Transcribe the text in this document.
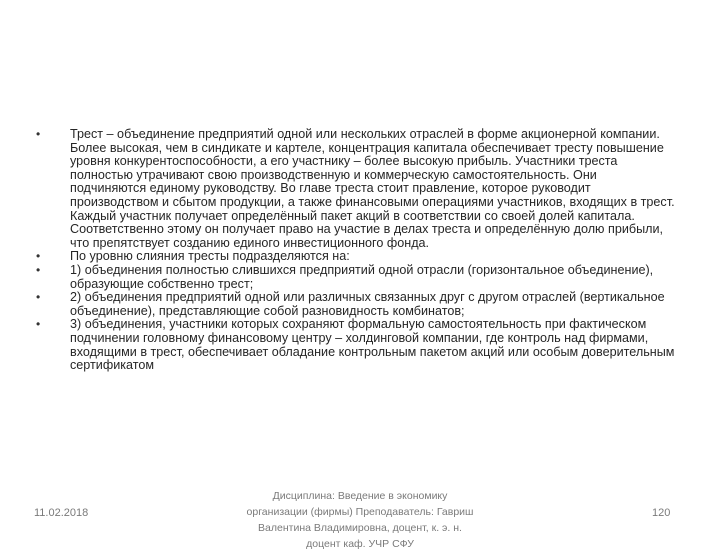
•	Трест – объединение предприятий одной или нескольких отраслей в форме акционерной компании. Более высокая, чем в синдикате и картеле, концентрация капитала обеспечивает тресту повышение уровня конкурентоспособности, а его участнику – более высокую прибыль. Участники треста полностью утрачивают свою производственную и коммерческую самостоятельность. Они подчиняются единому руководству. Во главе треста стоит правление, которое руководит производством и сбытом продукции, а также финансовыми операциями участников, входящих в трест. Каждый участник получает определённый пакет акций в соответствии со своей долей капитала. Соответственно этому он получает право на участие в делах треста и определённую долю прибыли, что препятствует созданию единого инвестиционного фонда.
•	По уровню слияния тресты подразделяются на:
•	1) объединения полностью слившихся предприятий одной отрасли (горизонтальное объединение), образующие собственно трест;
•	2) объединения предприятий одной или различных связанных друг с другом отраслей (вертикальное объединение), представляющие собой разновидность комбинатов;
•	3) объединения, участники которых сохраняют формальную самостоятельность при фактическом подчинении головному финансовому центру – холдинговой компании, где контроль над фирмами, входящими в трест, обеспечивает обладание контрольным пакетом акций или особым доверительным сертификатом
11.02.2018
Дисциплина: Введение в экономику организации (фирмы) Преподаватель: Гавриш Валентина Владимировна, доцент, к. э. н. доцент каф. УЧР СФУ
120
